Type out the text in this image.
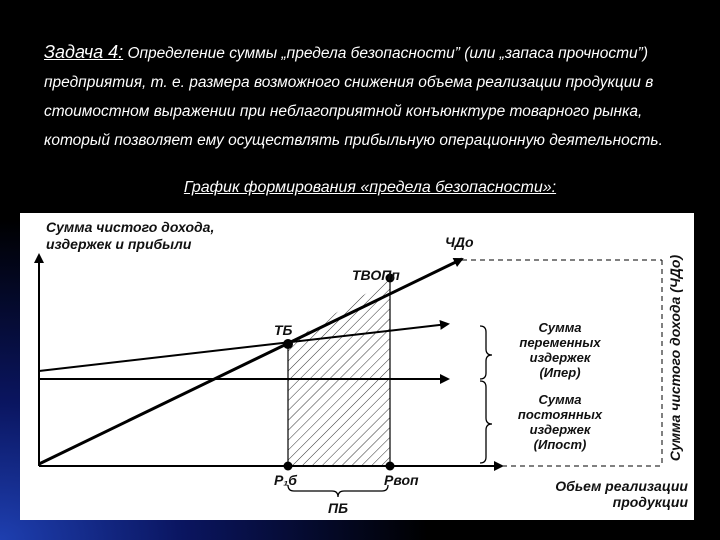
Задача 4: Определение суммы „предела безопасности” (или „запаса прочности”) предприятия, т. е. размера возможного снижения объема реализации продукции в стоимостном выражении при неблагоприятной конъюнктуре товарного рынка, который позволяет ему осуществлять прибыльную операционную деятельность.
График формирования «предела безопасности»:
Сумма чистого дохода,
издержек и прибыли	ЧДо
ТВОПп
ТБ	Сумма
переменных
издержек
(Ипер)
Сумма
постоянных
издержек
(Ипост)	Сумма чистого дохода (ЧДо)
Р₁б	Рвоп
ПБ
Обьем реализации
продукции
